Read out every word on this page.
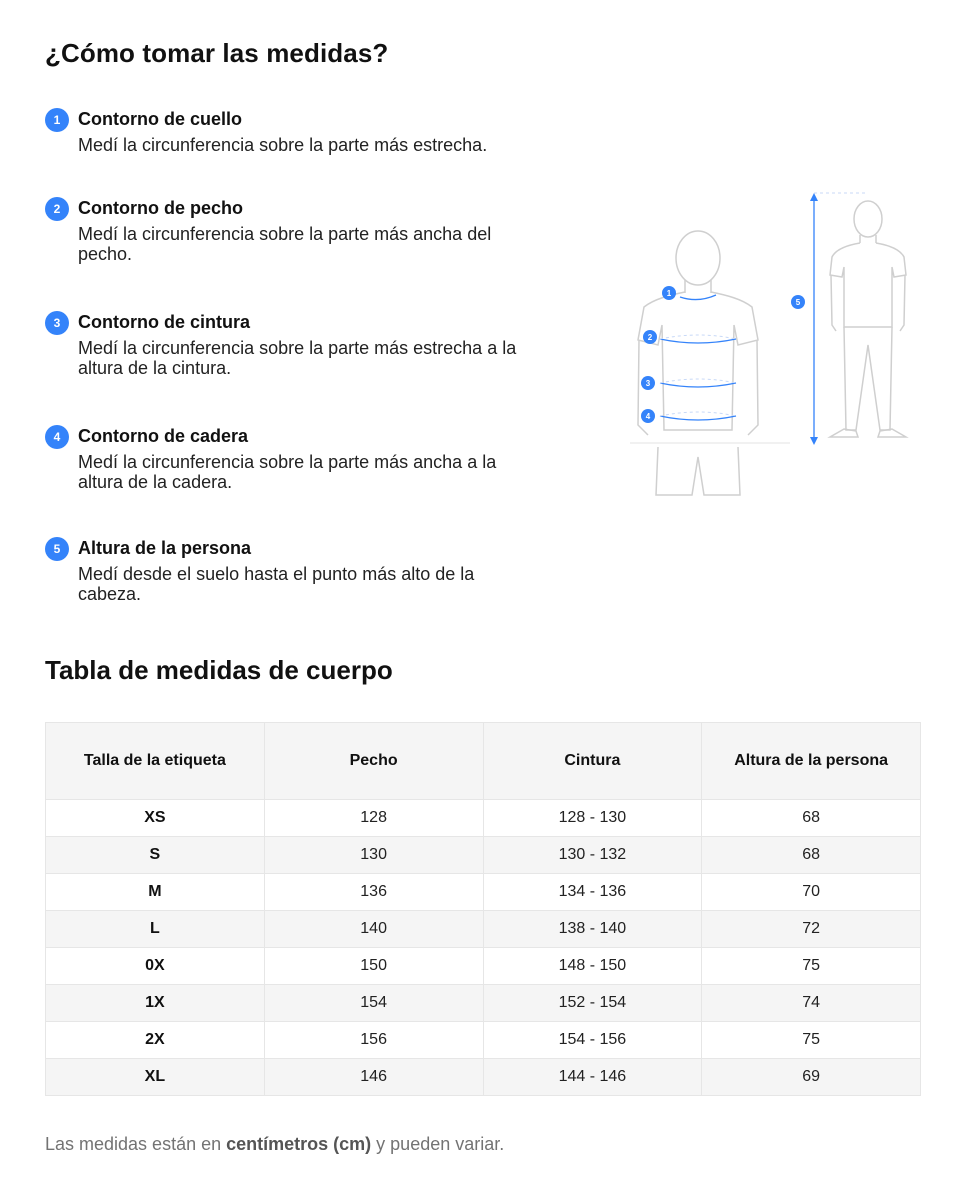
¿Cómo tomar las medidas?
1 Contorno de cuello
Medí la circunferencia sobre la parte más estrecha.
2 Contorno de pecho
Medí la circunferencia sobre la parte más ancha del pecho.
3 Contorno de cintura
Medí la circunferencia sobre la parte más estrecha a la altura de la cintura.
4 Contorno de cadera
Medí la circunferencia sobre la parte más ancha a la altura de la cadera.
5 Altura de la persona
Medí desde el suelo hasta el punto más alto de la cabeza.
1
2
3
4
5
Tabla de medidas de cuerpo
Talla de la etiqueta	Pecho	Cintura	Altura de la persona
XS	128	128 - 130	68
S	130	130 - 132	68
M	136	134 - 136	70
L	140	138 - 140	72
0X	150	148 - 150	75
1X	154	152 - 154	74
2X	156	154 - 156	75
XL	146	144 - 146	69

Las medidas están en centímetros (cm) y pueden variar.
